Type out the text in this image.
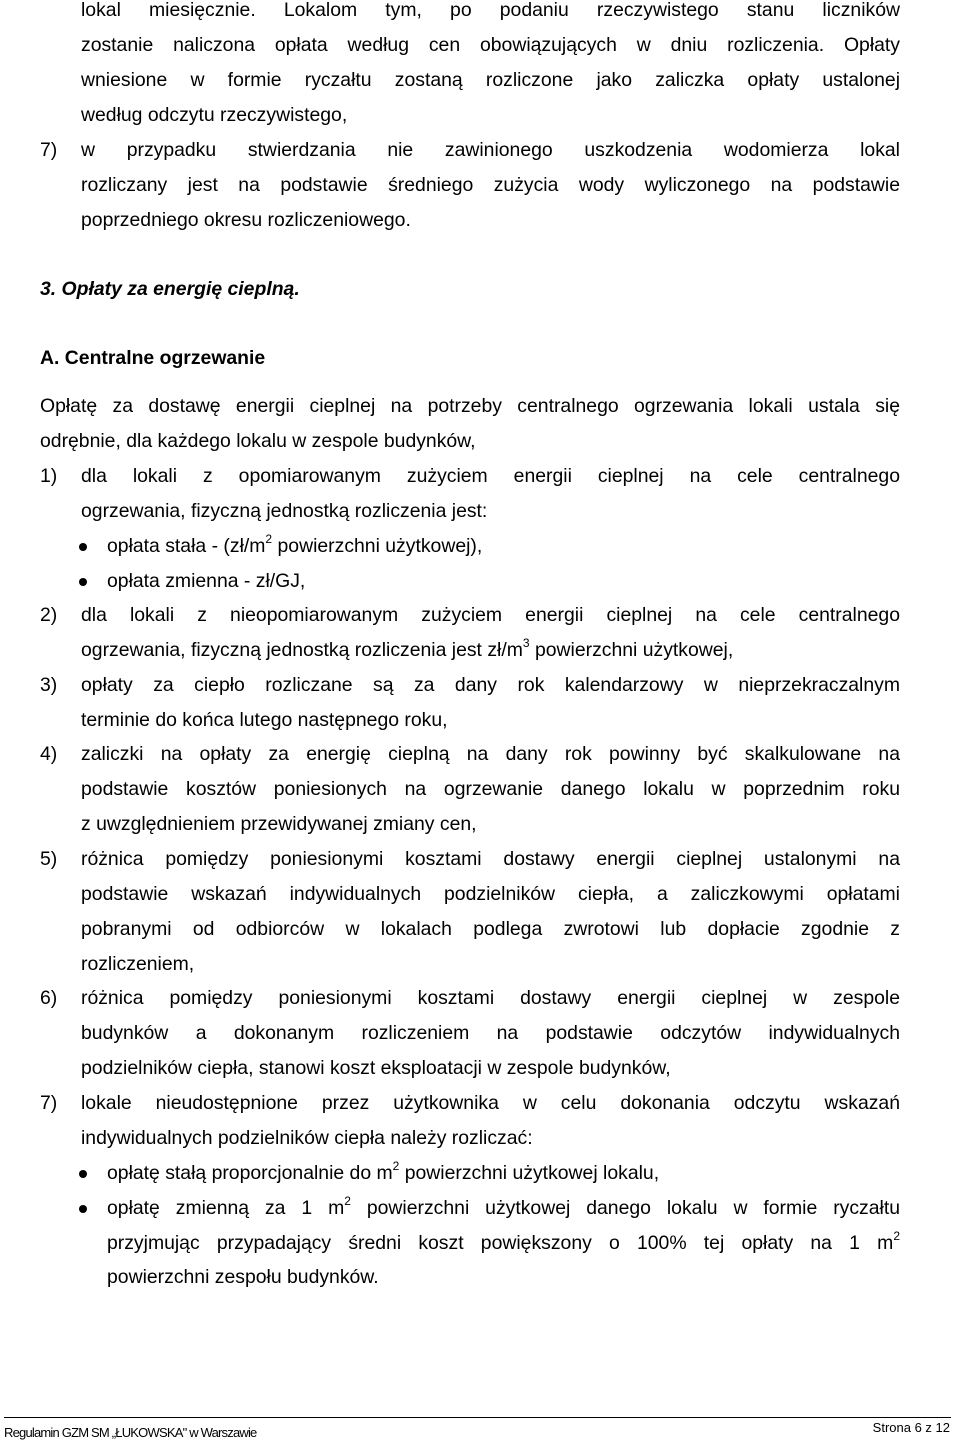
lokal miesięcznie. Lokalom tym, po podaniu rzeczywistego stanu liczników
zostanie naliczona opłata według cen obowiązujących w dniu rozliczenia. Opłaty
wniesione w formie ryczałtu zostaną rozliczone jako zaliczka opłaty ustalonej
według odczytu rzeczywistego,
7) w przypadku stwierdzania nie zawinionego uszkodzenia wodomierza lokal
rozliczany jest na podstawie średniego zużycia wody wyliczonego na podstawie
poprzedniego okresu rozliczeniowego.
3. Opłaty za energię cieplną.
A. Centralne ogrzewanie
Opłatę za dostawę energii cieplnej na potrzeby centralnego ogrzewania lokali ustala się
odrębnie, dla każdego lokalu w zespole budynków,
1) dla lokali z opomiarowanym zużyciem energii cieplnej na cele centralnego
ogrzewania, fizyczną jednostką rozliczenia jest:
opłata stała - ($zł/m^2$ powierzchni użytkowej),
opłata zmienna - zł/GJ,
2) dla lokali z nieopomiarowanym zużyciem energii cieplnej na cele centralnego
ogrzewania, fizyczną jednostką rozliczenia jest $zł/m^3$ powierzchni użytkowej,
3) opłaty za ciepło rozliczane są za dany rok kalendarzowy w nieprzekraczalnym
terminie do końca lutego następnego roku,
4) zaliczki na opłaty za energię cieplną na dany rok powinny być skalkulowane na
podstawie kosztów poniesionych na ogrzewanie danego lokalu w poprzednim roku
z uwzględnieniem przewidywanej zmiany cen,
5) różnica pomiędzy poniesionymi kosztami dostawy energii cieplnej ustalonymi na
podstawie wskazań indywidualnych podzielników ciepła, a zaliczkowymi opłatami
pobranymi od odbiorców w lokalach podlega zwrotowi lub dopłacie zgodnie z
rozliczeniem,
6) różnica pomiędzy poniesionymi kosztami dostawy energii cieplnej w zespole
budynków a dokonanym rozliczeniem na podstawie odczytów indywidualnych
podzielników ciepła, stanowi koszt eksploatacji w zespole budynków,
7) lokale nieudostępnione przez użytkownika w celu dokonania odczytu wskazań
indywidualnych podzielników ciepła należy rozliczać:
opłatę stałą proporcjonalnie do $m^2$ powierzchni użytkowej lokalu,
opłatę zmienną za 1 $m^2$ powierzchni użytkowej danego lokalu w formie ryczałtu
przyjmując przypadający średni koszt powiększony o 100% tej opłaty na 1 $m^2$
powierzchni zespołu budynków.
Regulamin GZM SM „ŁUKOWSKA" w Warszawie	Strona 6 z 12
